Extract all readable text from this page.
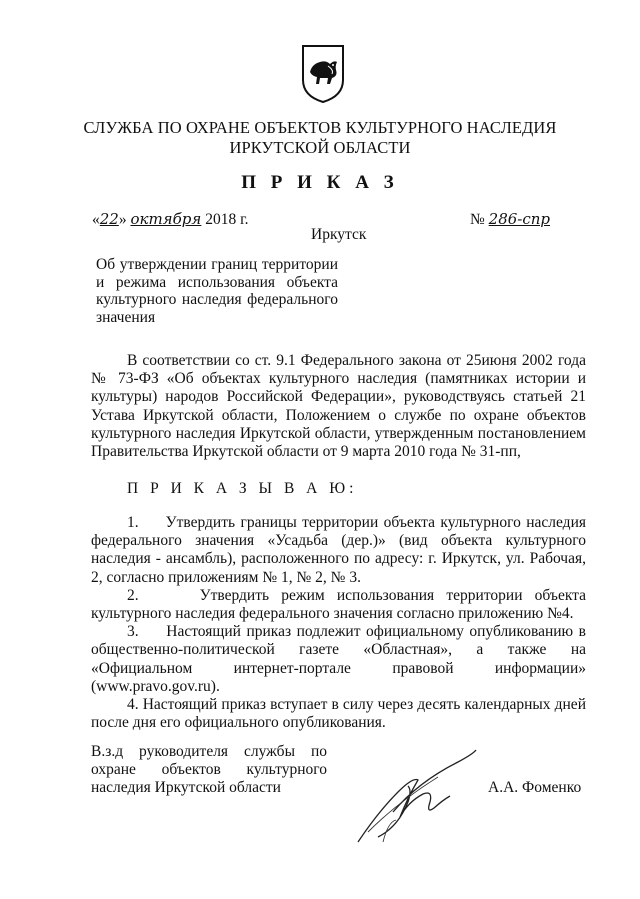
СЛУЖБА ПО ОХРАНЕ ОБЪЕКТОВ КУЛЬТУРНОГО НАСЛЕДИЯ
ИРКУТСКОЙ ОБЛАСТИ
П Р И К А З
«22» октября 2018 г.	№ 286-спр
Иркутск
Об утверждении границ территории и режима использования объекта культурного наследия федерального значения

В соответствии со ст. 9.1 Федерального закона от 25июня 2002 года № 73-ФЗ «Об объектах культурного наследия (памятниках истории и культуры) народов Российской Федерации», руководствуясь статьей 21 Устава Иркутской области, Положением о службе по охране объектов культурного наследия Иркутской области, утвержденным постановлением Правительства Иркутской области от 9 марта 2010 года № 31-пп,

П Р И К А З Ы В А Ю:

1.     Утвердить границы территории объекта культурного наследия федерального значения «Усадьба (дер.)» (вид объекта культурного наследия - ансамбль), расположенного по адресу: г. Иркутск, ул. Рабочая, 2, согласно приложениям № 1, № 2, № 3.

2.     Утвердить режим использования территории объекта культурного наследия федерального значения согласно приложению №4.

3.     Настоящий приказ подлежит официальному опубликованию в общественно-политической газете «Областная», а также на «Официальном интернет-портале правовой информации» (www.pravo.gov.ru).

4. Настоящий приказ вступает в силу через десять календарных дней после дня его официального опубликования.

В.з.д руководителя службы по
охране объектов культурного
наследия Иркутской области	А.А. Фоменко
